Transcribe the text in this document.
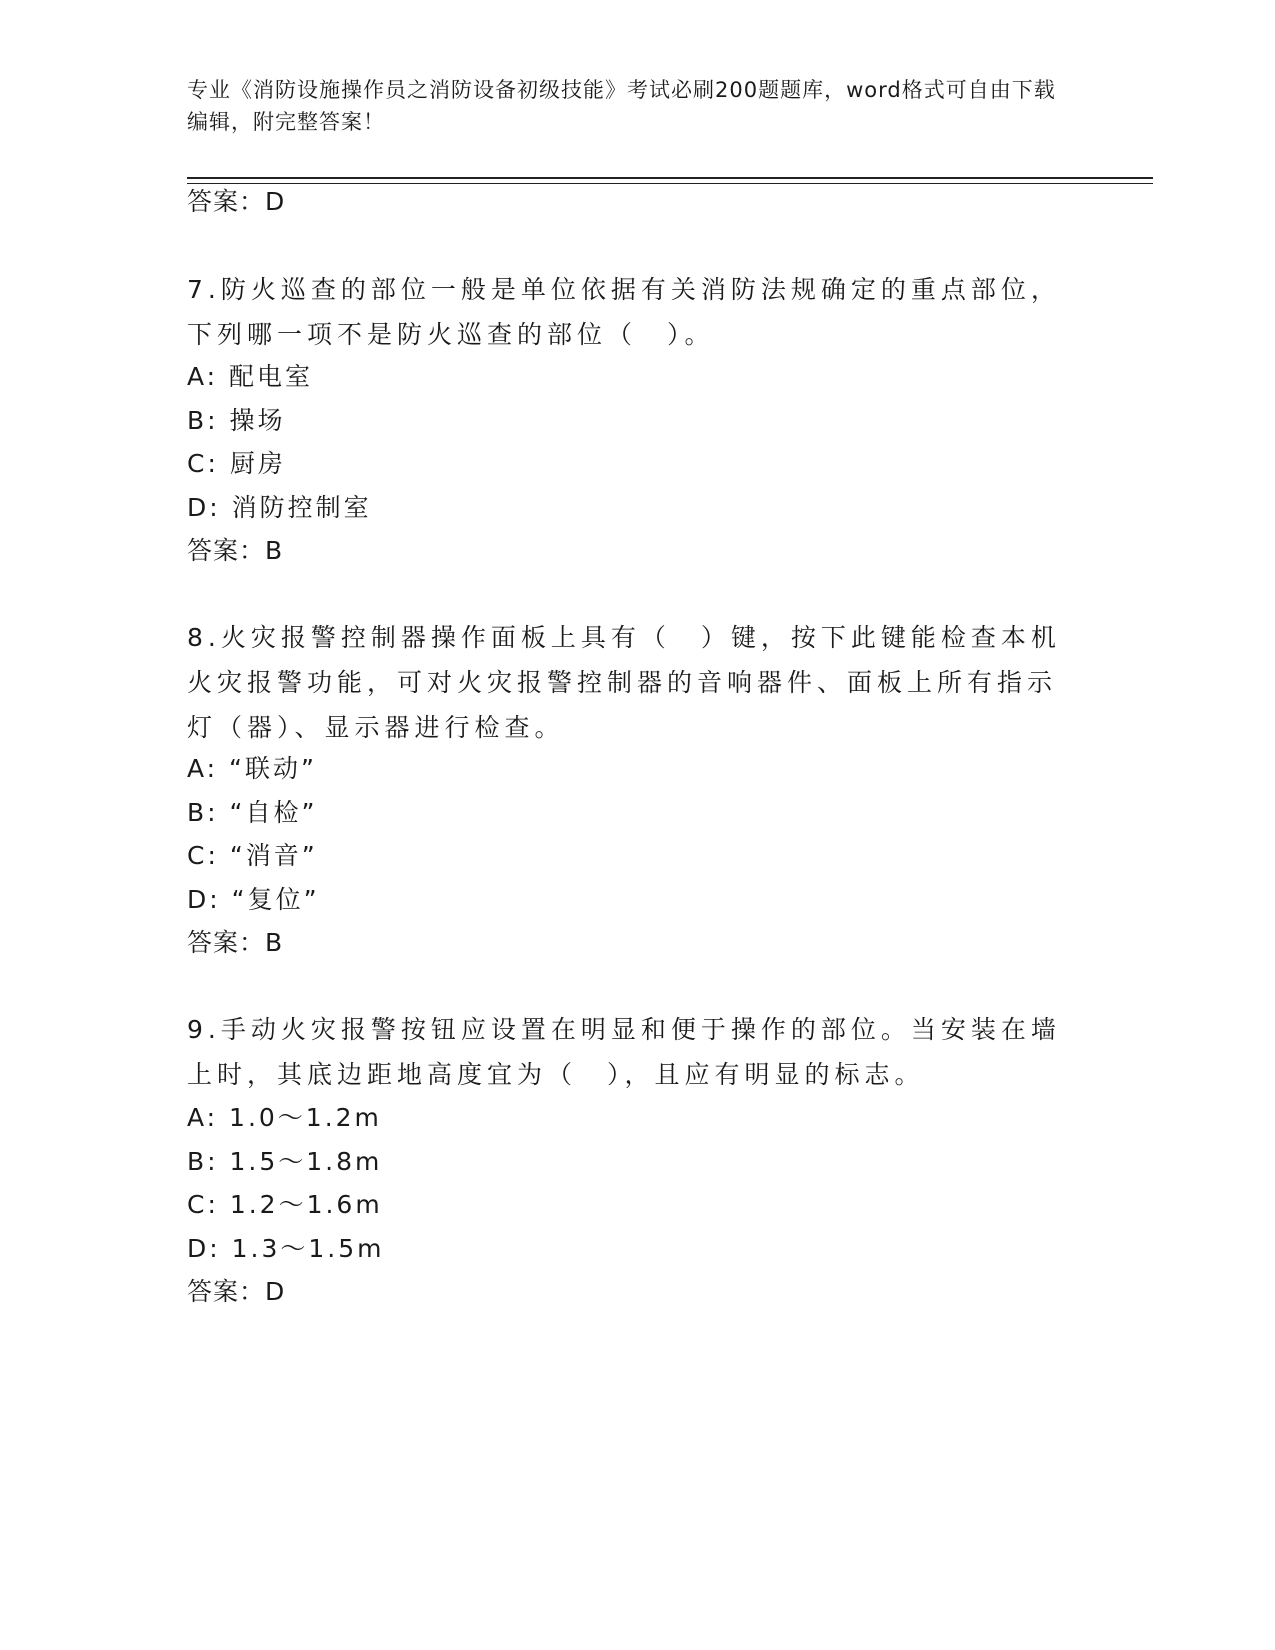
专业《消防设施操作员之消防设备初级技能》考试必刷200题题库，word格式可自由下载编辑，附完整答案！
答案：D
7.防火巡查的部位一般是单位依据有关消防法规确定的重点部位，下列哪一项不是防火巡查的部位（　）。
A: 配电室
B: 操场
C: 厨房
D: 消防控制室
答案：B
8.火灾报警控制器操作面板上具有（　）键，按下此键能检查本机火灾报警功能，可对火灾报警控制器的音响器件、面板上所有指示灯（器）、显示器进行检查。
A: “联动”
B: “自检”
C: “消音”
D: “复位”
答案：B
9.手动火灾报警按钮应设置在明显和便于操作的部位。当安装在墙上时，其底边距地高度宜为（　），且应有明显的标志。
A: 1.0～1.2m
B: 1.5～1.8m
C: 1.2～1.6m
D: 1.3～1.5m
答案：D
